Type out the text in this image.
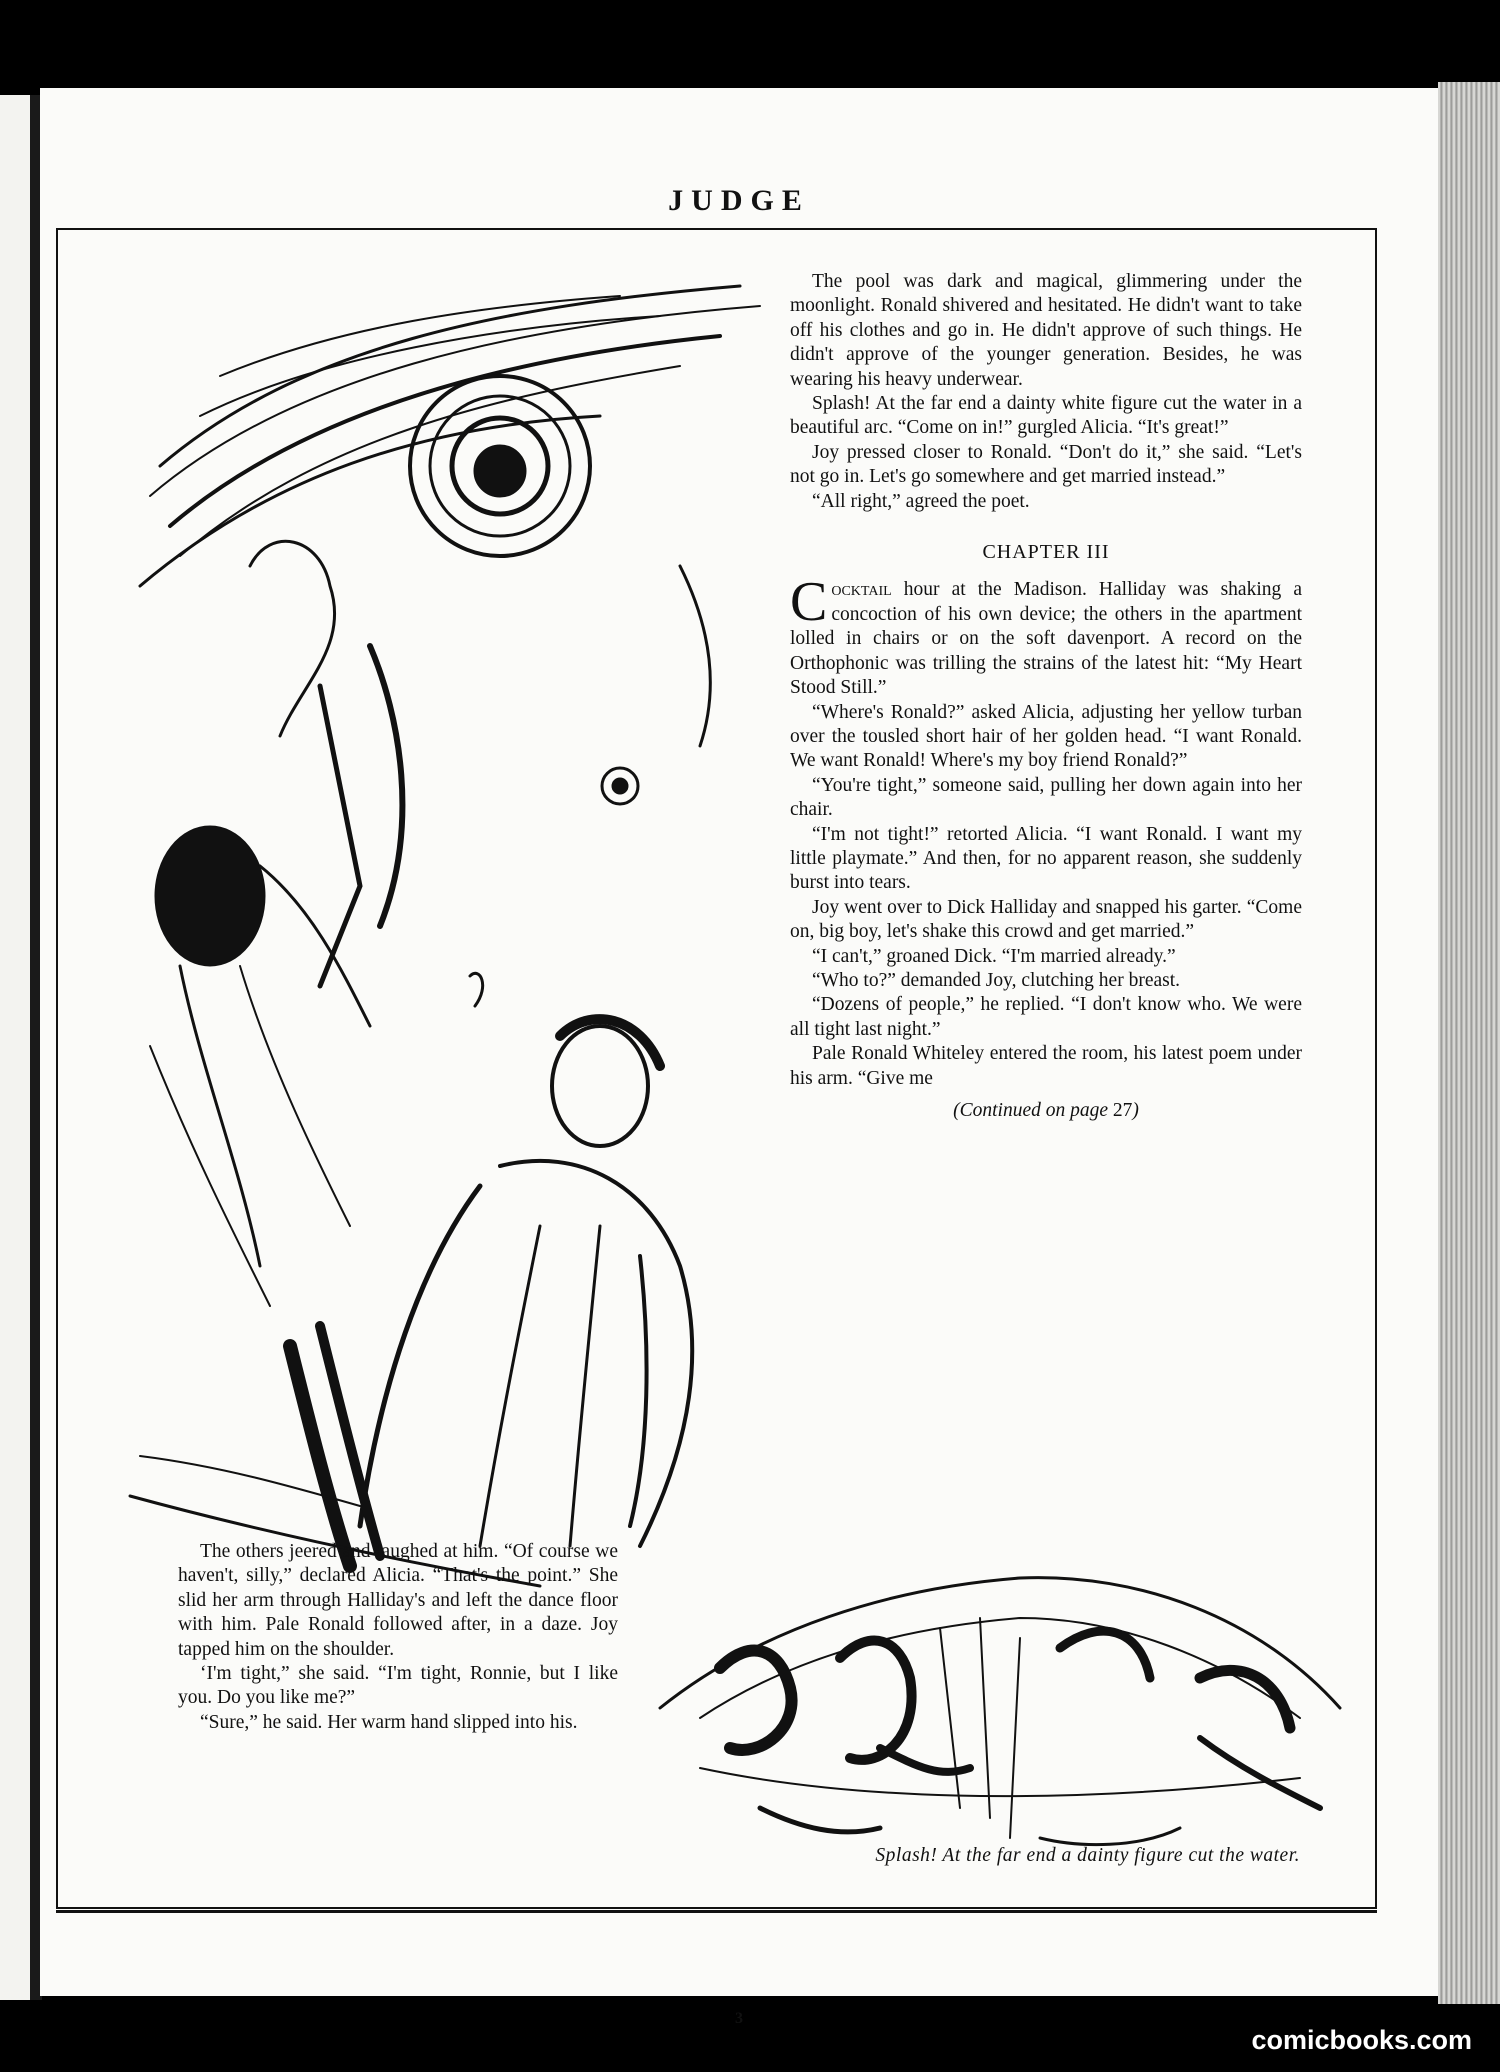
JUDGE

The pool was dark and magical, glimmering under the moonlight. Ronald shivered and hesitated. He didn't want to take off his clothes and go in. He didn't approve of such things. He didn't approve of the younger generation. Besides, he was wearing his heavy underwear.

Splash! At the far end a dainty white figure cut the water in a beautiful arc. “Come on in!” gurgled Alicia. “It's great!”

Joy pressed closer to Ronald. “Don't do it,” she said. “Let's not go in. Let's go somewhere and get married instead.”

“All right,” agreed the poet.

CHAPTER III

Cocktail hour at the Madison. Halliday was shaking a concoction of his own device; the others in the apartment lolled in chairs or on the soft davenport. A record on the Orthophonic was trilling the strains of the latest hit: “My Heart Stood Still.”

“Where's Ronald?” asked Alicia, adjusting her yellow turban over the tousled short hair of her golden head. “I want Ronald. We want Ronald! Where's my boy friend Ronald?”

“You're tight,” someone said, pulling her down again into her chair.

“I'm not tight!” retorted Alicia. “I want Ronald. I want my little playmate.” And then, for no apparent reason, she suddenly burst into tears.

Joy went over to Dick Halliday and snapped his garter. “Come on, big boy, let's shake this crowd and get married.”

“I can't,” groaned Dick. “I'm married already.”

“Who to?” demanded Joy, clutching her breast.

“Dozens of people,” he replied. “I don't know who. We were all tight last night.”

Pale Ronald Whiteley entered the room, his latest poem under his arm. “Give me

(Continued on page 27)

The others jeered and laughed at him. “Of course we haven't, silly,” declared Alicia. “That's the point.” She slid her arm through Halliday's and left the dance floor with him. Pale Ronald followed after, in a daze. Joy tapped him on the shoulder.

‘I'm tight,” she said. “I'm tight, Ronnie, but I like you. Do you like me?”

“Sure,” he said. Her warm hand slipped into his.

Splash! At the far end a dainty figure cut the water.
3
comicbooks.com
